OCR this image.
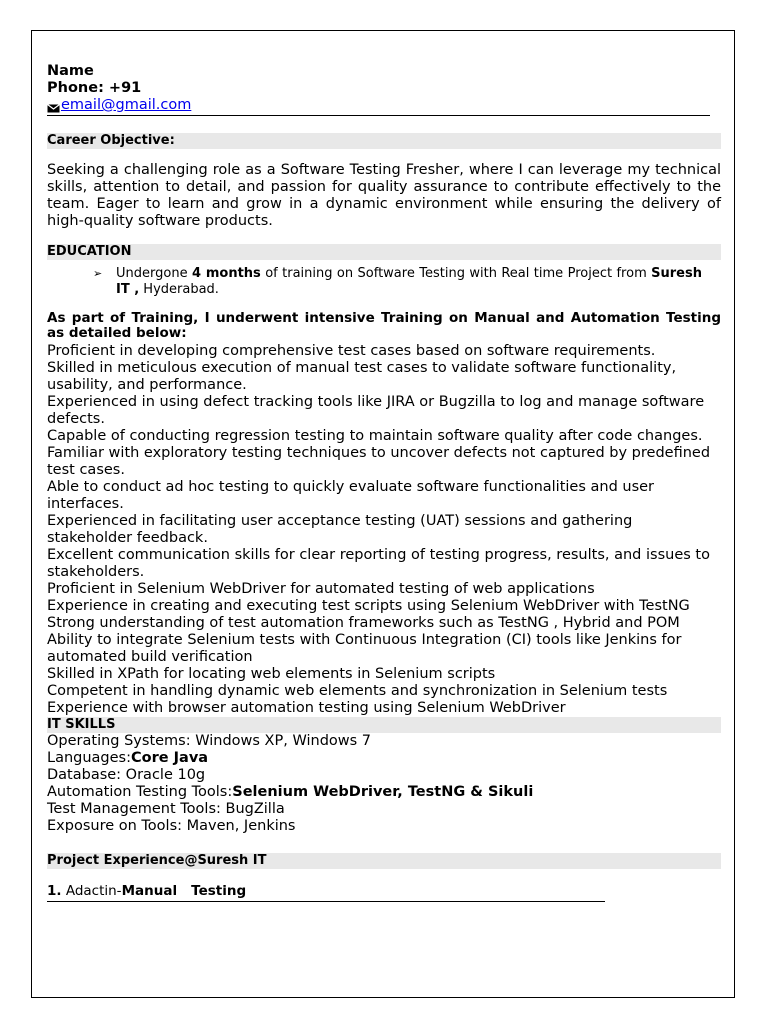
Name
Phone: +91
email@gmail.com
Career Objective:
Seeking a challenging role as a Software Testing Fresher, where I can leverage my technical skills, attention to detail, and passion for quality assurance to contribute effectively to the team. Eager to learn and grow in a dynamic environment while ensuring the delivery of high-quality software products.
EDUCATION
➢	Undergone 4 months of training on Software Testing with Real time Project from Suresh IT , Hyderabad.
As part of Training, I underwent intensive Training on Manual and Automation Testing as detailed below:
Proficient in developing comprehensive test cases based on software requirements.
Skilled in meticulous execution of manual test cases to validate software functionality, usability, and performance.
Experienced in using defect tracking tools like JIRA or Bugzilla to log and manage software defects.
Capable of conducting regression testing to maintain software quality after code changes.
Familiar with exploratory testing techniques to uncover defects not captured by predefined test cases.
Able to conduct ad hoc testing to quickly evaluate software functionalities and user interfaces.
Experienced in facilitating user acceptance testing (UAT) sessions and gathering stakeholder feedback.
Excellent communication skills for clear reporting of testing progress, results, and issues to stakeholders.
Proficient in Selenium WebDriver for automated testing of web applications
Experience in creating and executing test scripts using Selenium WebDriver with TestNG
Strong understanding of test automation frameworks such as TestNG , Hybrid and POM
Ability to integrate Selenium tests with Continuous Integration (CI) tools like Jenkins for automated build verification
Skilled in XPath for locating web elements in Selenium scripts
Competent in handling dynamic web elements and synchronization in Selenium tests
Experience with browser automation testing using Selenium WebDriver
IT SKILLS
Operating Systems: Windows XP, Windows 7
Languages:Core Java
Database: Oracle 10g
Automation Testing Tools:Selenium WebDriver, TestNG & Sikuli
Test Management Tools: BugZilla
Exposure on Tools: Maven, Jenkins
Project Experience@Suresh IT
1. Adactin-Manual   Testing
